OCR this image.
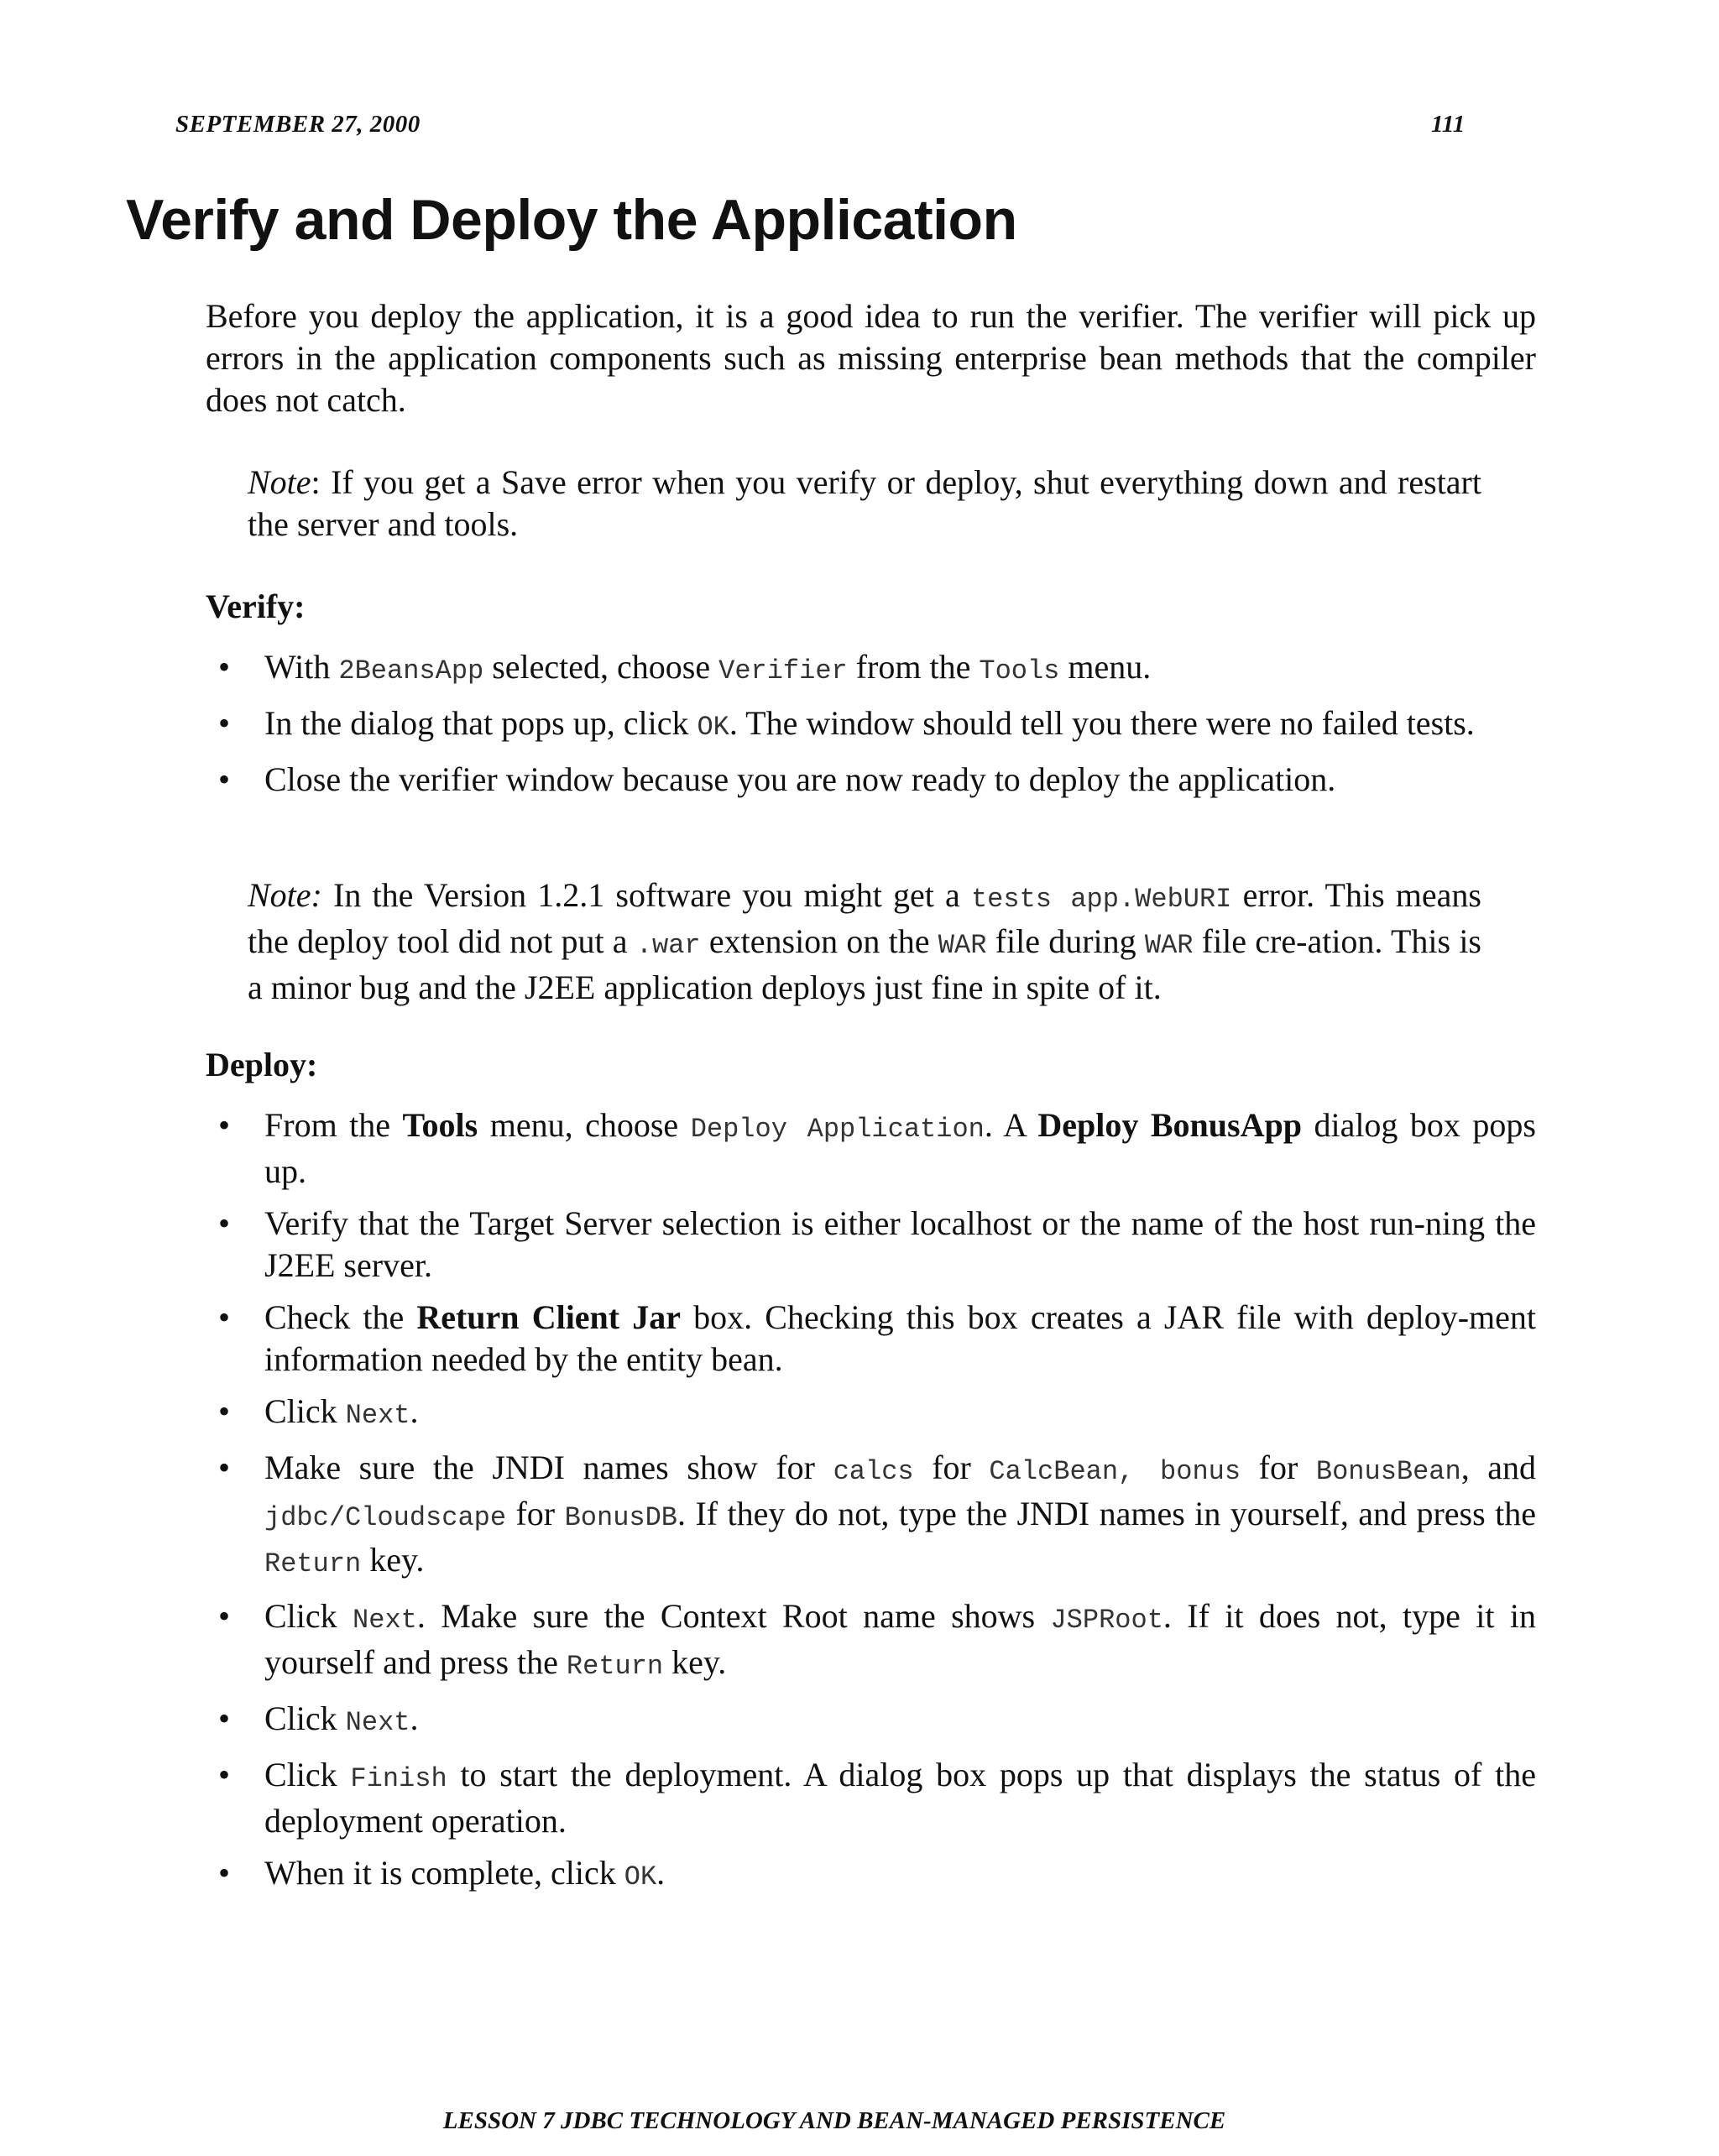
SEPTEMBER 27, 2000	111
Verify and Deploy the Application

Before you deploy the application, it is a good idea to run the verifier. The verifier will pick up errors in the application components such as missing enterprise bean methods that the compiler does not catch.

Note: If you get a Save error when you verify or deploy, shut everything down and restart the server and tools.

Verify:
• With 2BeansApp selected, choose Verifier from the Tools menu.
• In the dialog that pops up, click OK. The window should tell you there were no failed tests.
• Close the verifier window because you are now ready to deploy the application.

Note: In the Version 1.2.1 software you might get a tests app.WebURI error. This means the deploy tool did not put a .war extension on the WAR file during WAR file cre-ation. This is a minor bug and the J2EE application deploys just fine in spite of it.

Deploy:
• From the Tools menu, choose Deploy Application. A Deploy BonusApp dialog box pops up.
• Verify that the Target Server selection is either localhost or the name of the host run-ning the J2EE server.
• Check the Return Client Jar box. Checking this box creates a JAR file with deploy-ment information needed by the entity bean.
• Click Next.
• Make sure the JNDI names show for calcs for CalcBean, bonus for BonusBean, and jdbc/Cloudscape for BonusDB. If they do not, type the JNDI names in yourself, and press the Return key.
• Click Next. Make sure the Context Root name shows JSPRoot. If it does not, type it in yourself and press the Return key.
• Click Next.
• Click Finish to start the deployment. A dialog box pops up that displays the status of the deployment operation.
• When it is complete, click OK.
LESSON 7 JDBC TECHNOLOGY AND BEAN-MANAGED PERSISTENCE
